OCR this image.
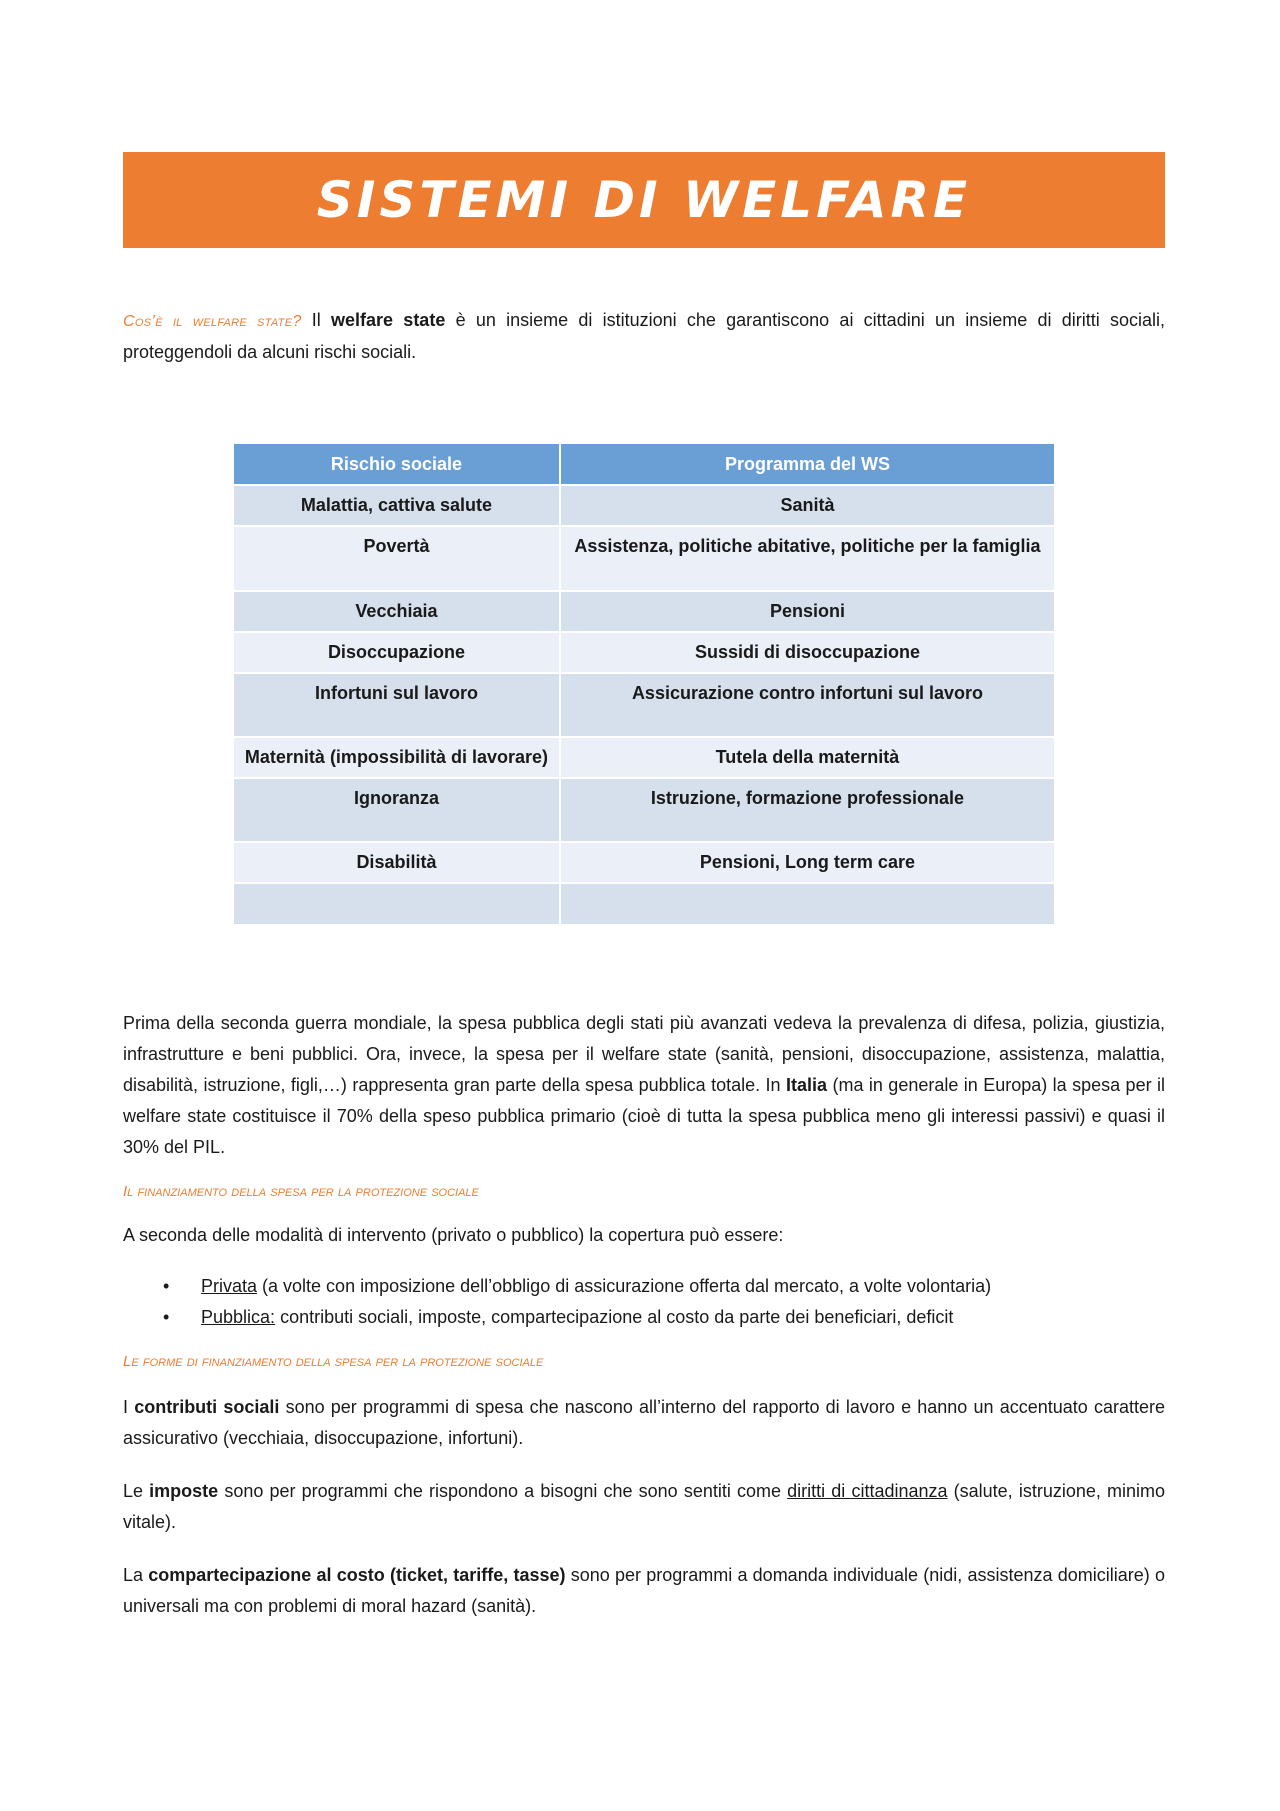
SISTEMI DI WELFARE

Cos’è il welfare state? Il welfare state è un insieme di istituzioni che garantiscono ai cittadini un insieme di diritti sociali, proteggendoli da alcuni rischi sociali.

Rischio sociale	Programma del WS
Malattia, cattiva salute	Sanità
Povertà	Assistenza, politiche abitative, politiche per la famiglia
Vecchiaia	Pensioni
Disoccupazione	Sussidi di disoccupazione
Infortuni sul lavoro	Assicurazione contro infortuni sul lavoro
Maternità (impossibilità di lavorare)	Tutela della maternità
Ignoranza	Istruzione, formazione professionale
Disabilità	Pensioni, Long term care

Prima della seconda guerra mondiale, la spesa pubblica degli stati più avanzati vedeva la prevalenza di difesa, polizia, giustizia, infrastrutture e beni pubblici. Ora, invece, la spesa per il welfare state (sanità, pensioni, disoccupazione, assistenza, malattia, disabilità, istruzione, figli,…) rappresenta gran parte della spesa pubblica totale. In Italia (ma in generale in Europa) la spesa per il welfare state costituisce il 70% della speso pubblica primario (cioè di tutta la spesa pubblica meno gli interessi passivi) e quasi il 30% del PIL.

Il finanziamento della spesa per la protezione sociale

A seconda delle modalità di intervento (privato o pubblico) la copertura può essere:

• Privata (a volte con imposizione dell’obbligo di assicurazione offerta dal mercato, a volte volontaria)
• Pubblica: contributi sociali, imposte, compartecipazione al costo da parte dei beneficiari, deficit

Le forme di finanziamento della spesa per la protezione sociale

I contributi sociali sono per programmi di spesa che nascono all’interno del rapporto di lavoro e hanno un accentuato carattere assicurativo (vecchiaia, disoccupazione, infortuni).

Le imposte sono per programmi che rispondono a bisogni che sono sentiti come diritti di cittadinanza (salute, istruzione, minimo vitale).

La compartecipazione al costo (ticket, tariffe, tasse) sono per programmi a domanda individuale (nidi, assistenza domiciliare) o universali ma con problemi di moral hazard (sanità).
